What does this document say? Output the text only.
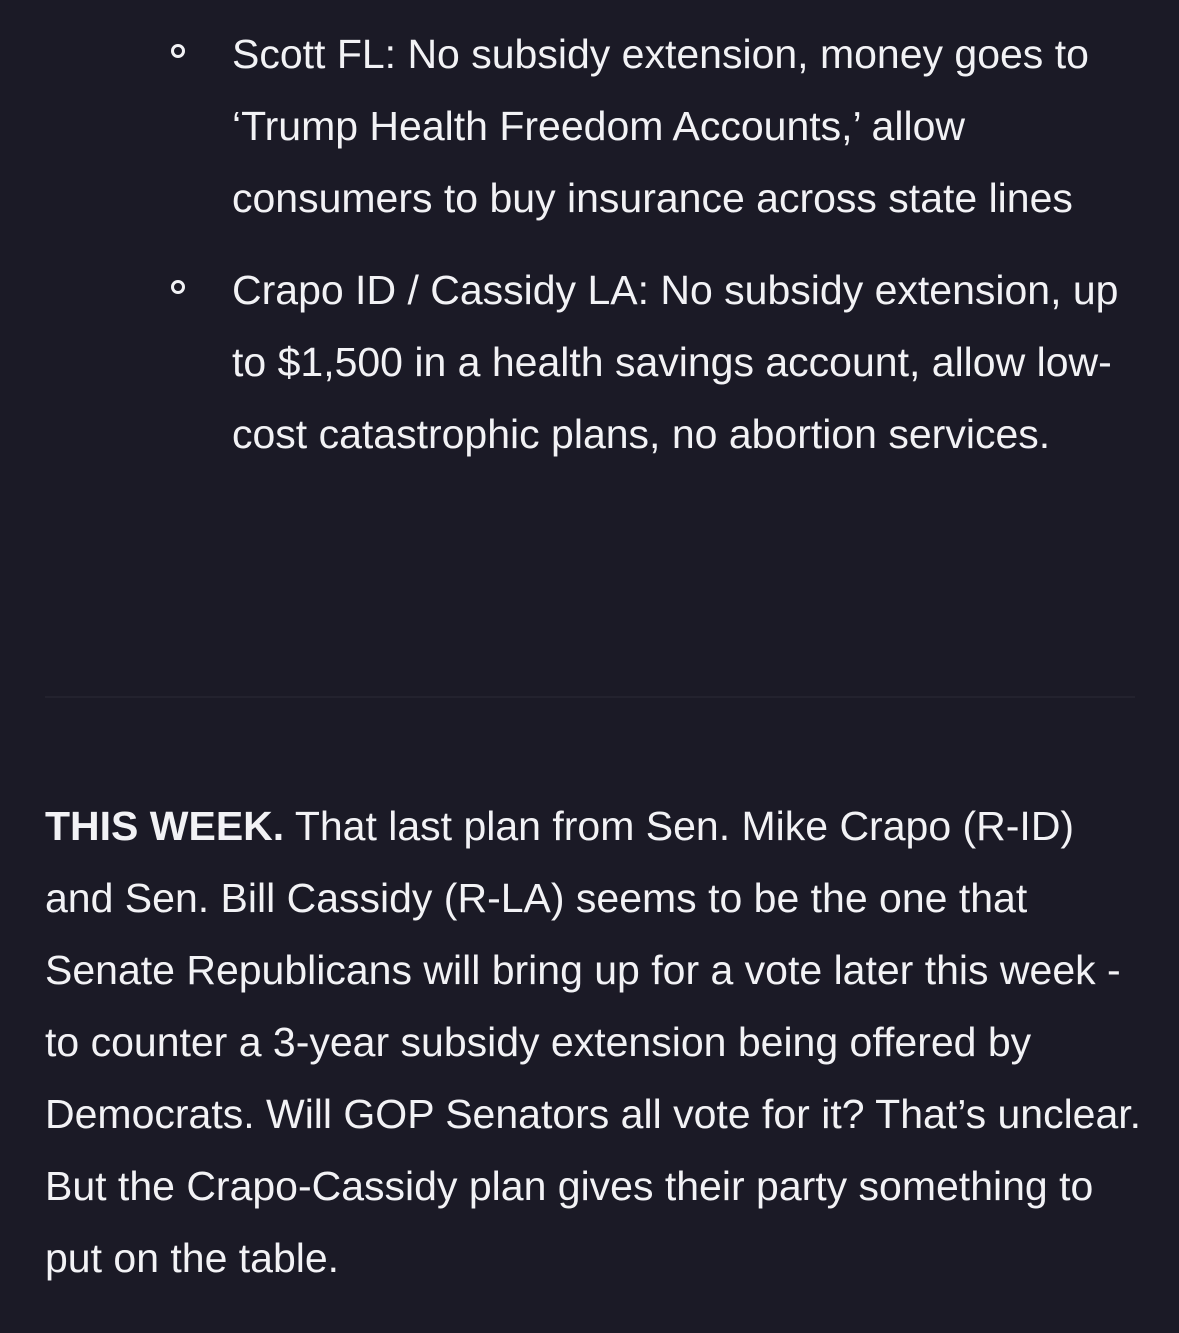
Scott FL: No subsidy extension, money goes to ‘Trump Health Freedom Accounts,’ allow consumers to buy insurance across state lines
Crapo ID / Cassidy LA: No subsidy extension, up to $1,500 in a health savings account, allow low-cost catastrophic plans, no abortion services.

THIS WEEK. That last plan from Sen. Mike Crapo (R-ID) and Sen. Bill Cassidy (R-LA) seems to be the one that Senate Republicans will bring up for a vote later this week - to counter a 3-year subsidy extension being offered by Democrats. Will GOP Senators all vote for it? That’s unclear. But the Crapo-Cassidy plan gives their party something to put on the table.
